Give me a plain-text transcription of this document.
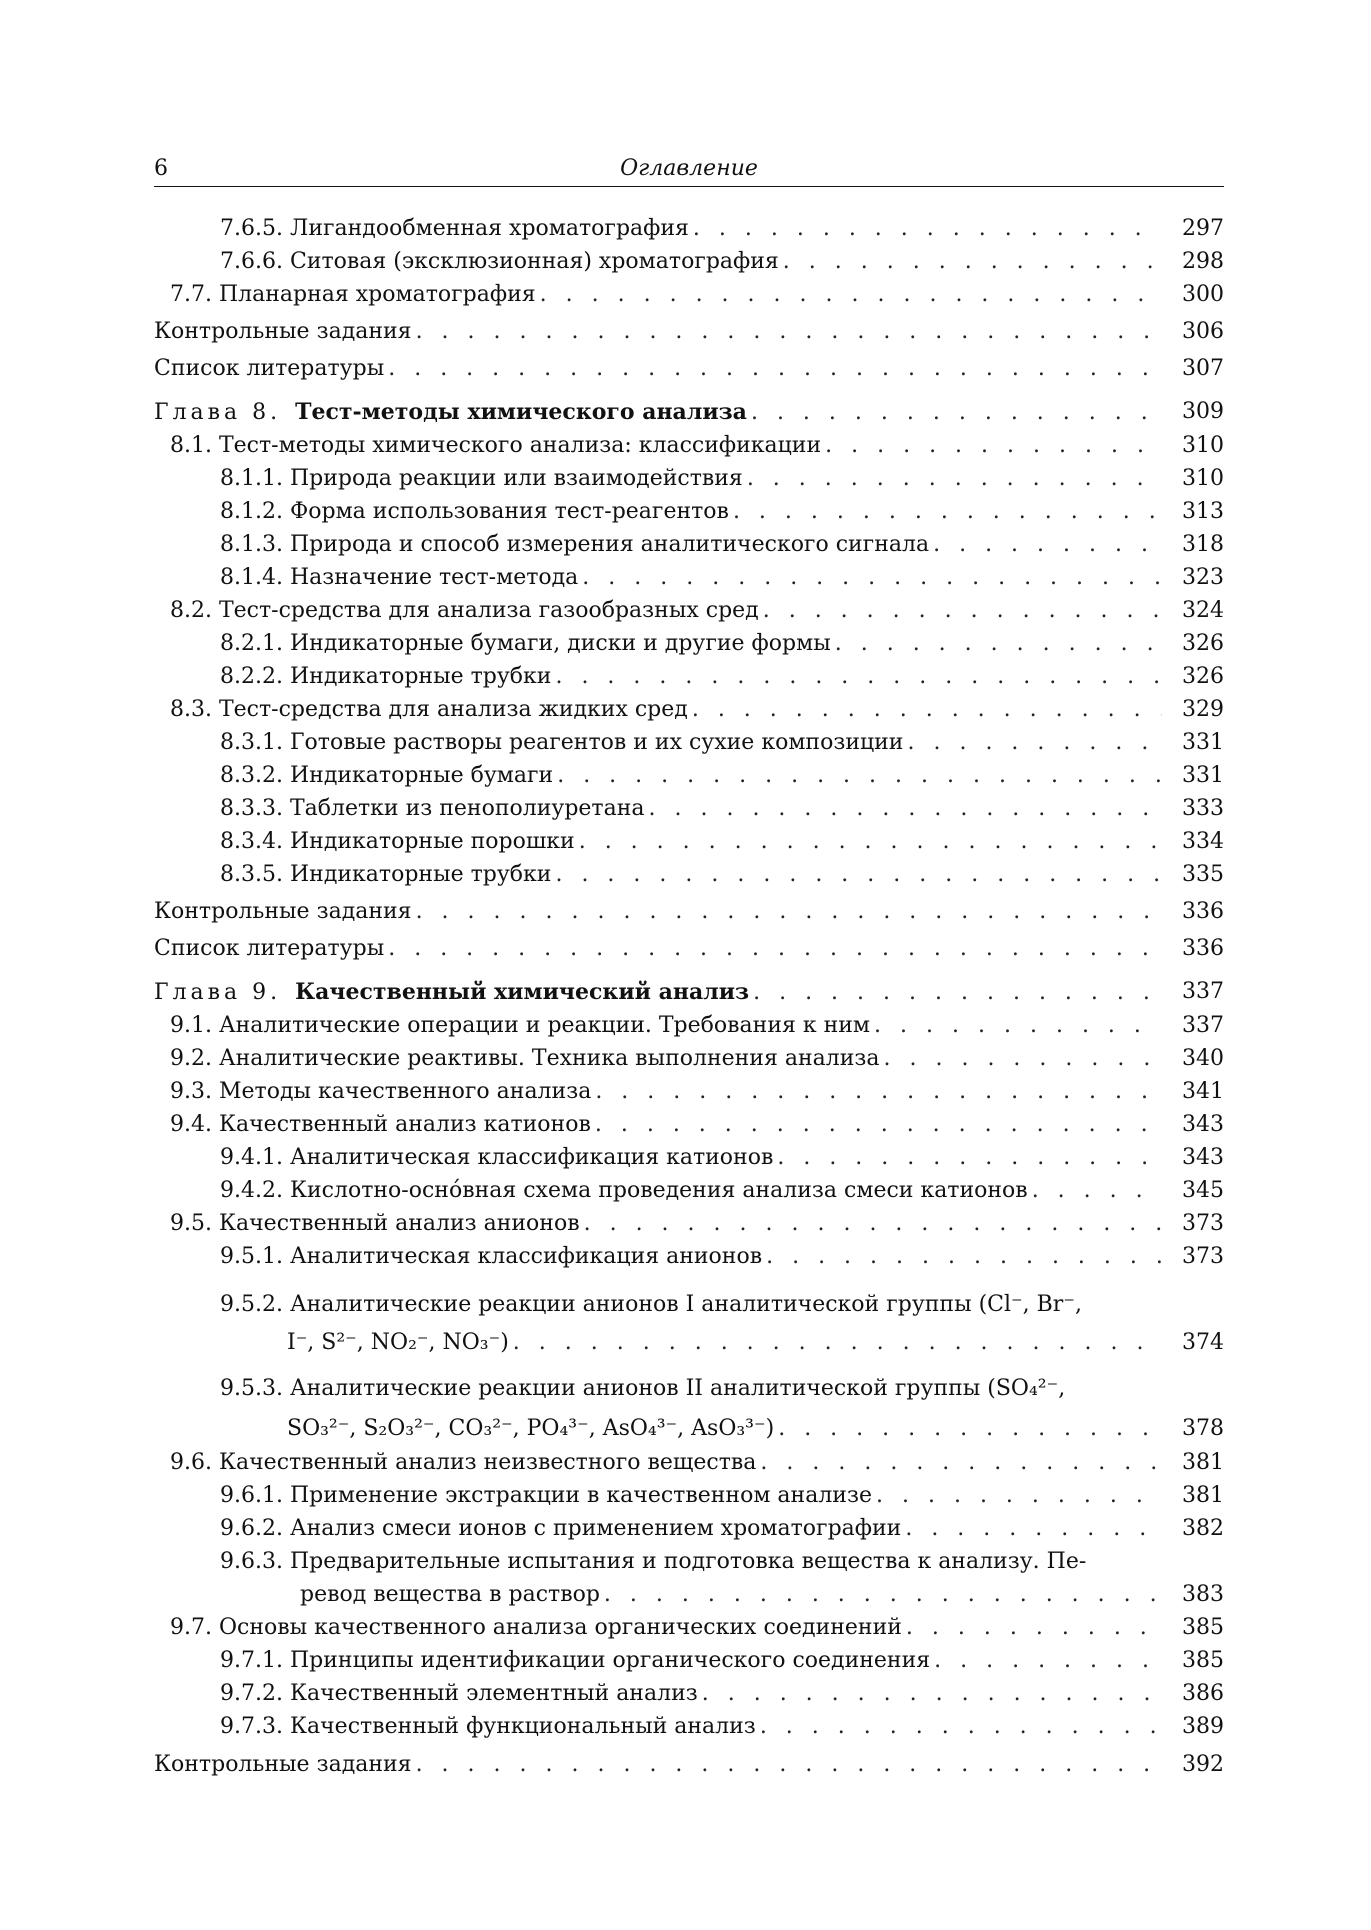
6	Оглавление
7.6.5. Лигандообменная хроматография . . .	297
7.6.6. Ситовая (эксклюзионная) хроматография . . .	298
7.7. Планарная хроматография . . .	300
Контрольные задания . . .	306
Список литературы . . .	307
Глава 8. Тест-методы химического анализа . . .	309
8.1. Тест-методы химического анализа: классификации . . .	310
8.1.1. Природа реакции или взаимодействия . . .	310
8.1.2. Форма использования тест-реагентов . . .	313
8.1.3. Природа и способ измерения аналитического сигнала . . .	318
8.1.4. Назначение тест-метода . . .	323
8.2. Тест-средства для анализа газообразных сред . . .	324
8.2.1. Индикаторные бумаги, диски и другие формы . . .	326
8.2.2. Индикаторные трубки . . .	326
8.3. Тест-средства для анализа жидких сред . . .	329
8.3.1. Готовые растворы реагентов и их сухие композиции . . .	331
8.3.2. Индикаторные бумаги . . .	331
8.3.3. Таблетки из пенополиуретана . . .	333
8.3.4. Индикаторные порошки . . .	334
8.3.5. Индикаторные трубки . . .	335
Контрольные задания . . .	336
Список литературы . . .	336
Глава 9. Качественный химический анализ . . .	337
9.1. Аналитические операции и реакции. Требования к ним . . .	337
9.2. Аналитические реактивы. Техника выполнения анализа . . .	340
9.3. Методы качественного анализа . . .	341
9.4. Качественный анализ катионов . . .	343
9.4.1. Аналитическая классификация катионов . . .	343
9.4.2. Кислотно-осно́вная схема проведения анализа смеси катионов . . .	345
9.5. Качественный анализ анионов . . .	373
9.5.1. Аналитическая классификация анионов . . .	373
9.5.2. Аналитические реакции анионов I аналитической группы (Cl⁻, Br⁻,
I⁻, S²⁻, NO₂⁻, NO₃⁻) . . .	374
9.5.3. Аналитические реакции анионов II аналитической группы (SO₄²⁻,
SO₃²⁻, S₂O₃²⁻, CO₃²⁻, PO₄³⁻, AsO₄³⁻, AsO₃³⁻) . . .	378
9.6. Качественный анализ неизвестного вещества . . .	381
9.6.1. Применение экстракции в качественном анализе . . .	381
9.6.2. Анализ смеси ионов с применением хроматографии . . .	382
9.6.3. Предварительные испытания и подготовка вещества к анализу. Пе-
ревод вещества в раствор . . .	383
9.7. Основы качественного анализа органических соединений . . .	385
9.7.1. Принципы идентификации органического соединения . . .	385
9.7.2. Качественный элементный анализ . . .	386
9.7.3. Качественный функциональный анализ . . .	389
Контрольные задания . . .	392
